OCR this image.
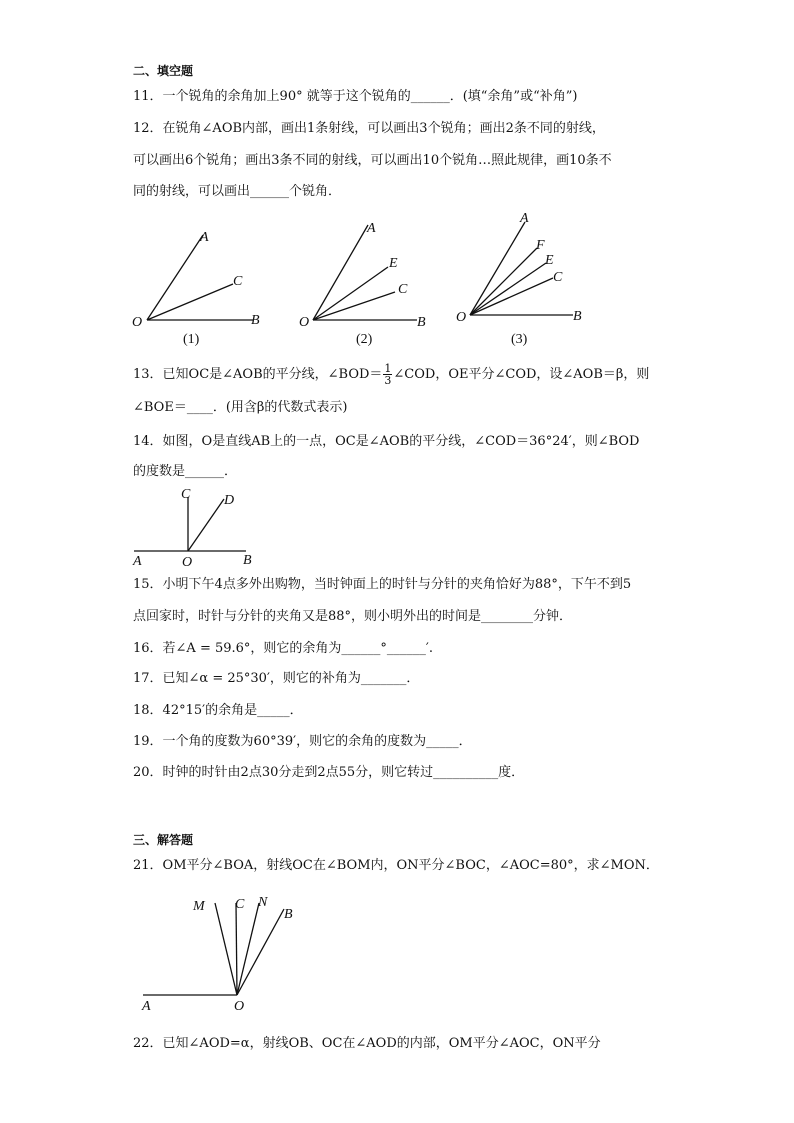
二、填空题
11．一个锐角的余角加上90° 就等于这个锐角的______．(填“余角”或“补角”)
12．在锐角∠AOB内部，画出1条射线，可以画出3个锐角；画出2条不同的射线，
可以画出6个锐角；画出3条不同的射线，可以画出10个锐角…照此规律，画10条不
同的射线，可以画出______个锐角．
A
C
O	B
(1)
A
E
C
O	B
(2)
A
F
E
C
O	B
(3)
13．已知OC是∠AOB的平分线，∠BOD＝ $\frac{1}{3}$ ∠COD，OE平分∠COD，设∠AOB＝β，则
∠BOE＝____．(用含β的代数式表示)
14．如图，O是直线AB上的一点，OC是∠AOB的平分线，∠COD＝36°24′，则∠BOD
的度数是______．
C D
A	O	B
15．小明下午4点多外出购物，当时钟面上的时针与分针的夹角恰好为88°，下午不到5
点回家时，时针与分针的夹角又是88°，则小明外出的时间是________分钟．
16．若∠A = 59.6°，则它的余角为______°______′.
17．已知∠α = 25°30′，则它的补角为_______．
18．42°15′的余角是_____．
19．一个角的度数为60°39′，则它的余角的度数为_____．
20．时钟的时针由2点30分走到2点55分，则它转过__________度．
三、解答题
21．OM平分∠BOA，射线OC在∠BOM内，ON平分∠BOC，∠AOC=80°，求∠MON．
M C N
B
A	O
22．已知∠AOD=α，射线OB、OC在∠AOD的内部，OM平分∠AOC，ON平分
